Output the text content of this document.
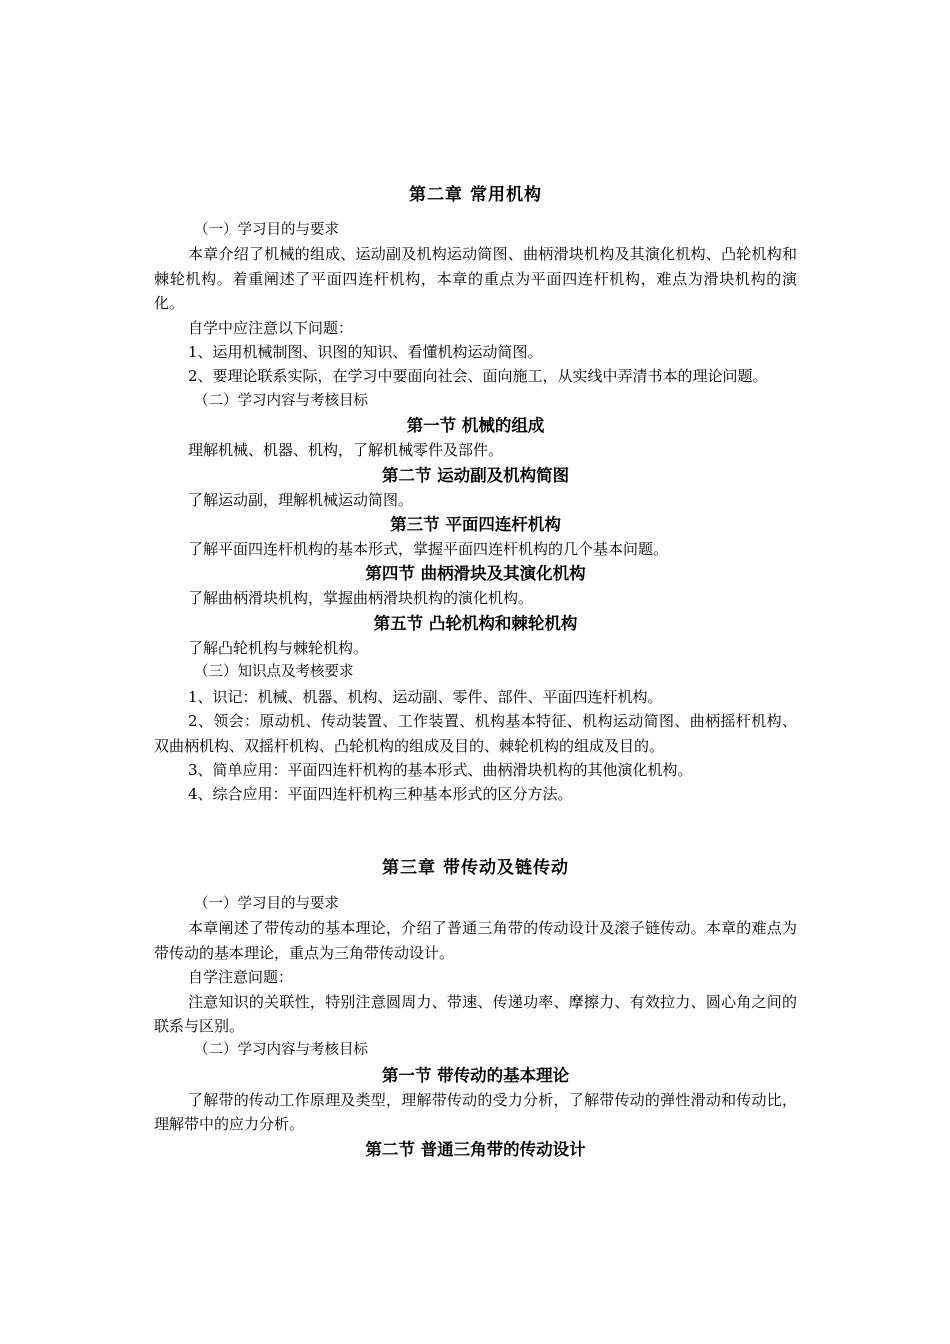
第二章 常用机构
（一）学习目的与要求
本章介绍了机械的组成、运动副及机构运动简图、曲柄滑块机构及其演化机构、凸轮机构和棘轮机构。着重阐述了平面四连杆机构，本章的重点为平面四连杆机构，难点为滑块机构的演化。
自学中应注意以下问题：
1、运用机械制图、识图的知识、看懂机构运动简图。
2、要理论联系实际，在学习中要面向社会、面向施工，从实线中弄清书本的理论问题。
（二）学习内容与考核目标
第一节 机械的组成
理解机械、机器、机构，了解机械零件及部件。
第二节 运动副及机构简图
了解运动副，理解机械运动简图。
第三节 平面四连杆机构
了解平面四连杆机构的基本形式，掌握平面四连杆机构的几个基本问题。
第四节 曲柄滑块及其演化机构
了解曲柄滑块机构，掌握曲柄滑块机构的演化机构。
第五节 凸轮机构和棘轮机构
了解凸轮机构与棘轮机构。
（三）知识点及考核要求
1、识记：机械、机器、机构、运动副、零件、部件、平面四连杆机构。
2、领会：原动机、传动装置、工作装置、机构基本特征、机构运动简图、曲柄摇杆机构、双曲柄机构、双摇杆机构、凸轮机构的组成及目的、棘轮机构的组成及目的。
3、简单应用：平面四连杆机构的基本形式、曲柄滑块机构的其他演化机构。
4、综合应用：平面四连杆机构三种基本形式的区分方法。
第三章 带传动及链传动
（一）学习目的与要求
本章阐述了带传动的基本理论，介绍了普通三角带的传动设计及滚子链传动。本章的难点为带传动的基本理论，重点为三角带传动设计。
自学注意问题：
注意知识的关联性，特别注意圆周力、带速、传递功率、摩擦力、有效拉力、圆心角之间的联系与区别。
（二）学习内容与考核目标
第一节 带传动的基本理论
了解带的传动工作原理及类型，理解带传动的受力分析，了解带传动的弹性滑动和传动比，理解带中的应力分析。
第二节 普通三角带的传动设计
